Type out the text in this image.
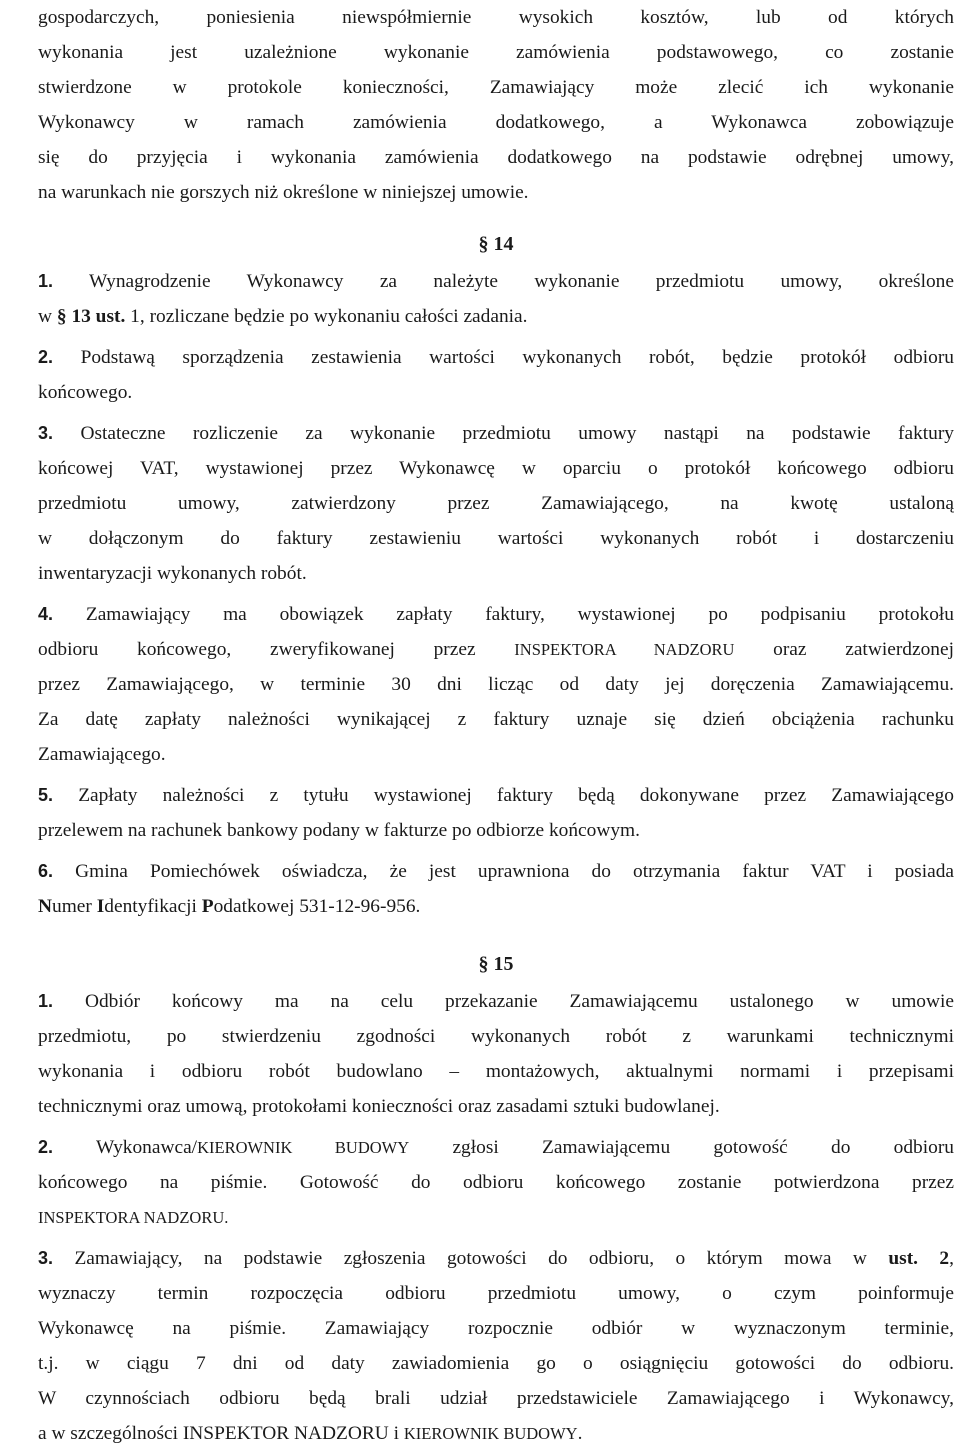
gospodarczych, poniesienia niewspółmiernie wysokich kosztów, lub od których
wykonania jest uzależnione wykonanie zamówienia podstawowego, co zostanie
stwierdzone w protokole konieczności, Zamawiający może zlecić ich wykonanie
Wykonawcy w ramach zamówienia dodatkowego, a Wykonawca zobowiązuje
się do przyjęcia i wykonania zamówienia dodatkowego na podstawie odrębnej umowy,
na warunkach nie gorszych niż określone w niniejszej umowie.
§ 14
1. Wynagrodzenie Wykonawcy za należyte wykonanie przedmiotu umowy, określone
w § 13 ust. 1, rozliczane będzie po wykonaniu całości zadania.
2. Podstawą sporządzenia zestawienia wartości wykonanych robót, będzie protokół odbioru
końcowego.
3. Ostateczne rozliczenie za wykonanie przedmiotu umowy nastąpi na podstawie faktury
końcowej VAT, wystawionej przez Wykonawcę w oparciu o protokół końcowego odbioru
przedmiotu umowy, zatwierdzony przez Zamawiającego, na kwotę ustaloną
w dołączonym do faktury zestawieniu wartości wykonanych robót i dostarczeniu
inwentaryzacji wykonanych robót.
4. Zamawiający ma obowiązek zapłaty faktury, wystawionej po podpisaniu protokołu
odbioru końcowego, zweryfikowanej przez INSPEKTORA NADZORU oraz zatwierdzonej
przez Zamawiającego, w terminie 30 dni licząc od daty jej doręczenia Zamawiającemu.
Za datę zapłaty należności wynikającej z faktury uznaje się dzień obciążenia rachunku
Zamawiającego.
5. Zapłaty należności z tytułu wystawionej faktury będą dokonywane przez Zamawiającego
przelewem na rachunek bankowy podany w fakturze po odbiorze końcowym.
6. Gmina Pomiechówek oświadcza, że jest uprawniona do otrzymania faktur VAT i posiada
Numer Identyfikacji Podatkowej 531-12-96-956.
§ 15
1. Odbiór końcowy ma na celu przekazanie Zamawiającemu ustalonego w umowie
przedmiotu, po stwierdzeniu zgodności wykonanych robót z warunkami technicznymi
wykonania i odbioru robót budowlano – montażowych, aktualnymi normami i przepisami
technicznymi oraz umową, protokołami konieczności oraz zasadami sztuki budowlanej.
2. Wykonawca/KIEROWNIK BUDOWY zgłosi Zamawiającemu gotowość do odbioru
końcowego na piśmie. Gotowość do odbioru końcowego zostanie potwierdzona przez
INSPEKTORA NADZORU.
3. Zamawiający, na podstawie zgłoszenia gotowości do odbioru, o którym mowa w ust. 2,
wyznaczy termin rozpoczęcia odbioru przedmiotu umowy, o czym poinformuje
Wykonawcę na piśmie. Zamawiający rozpocznie odbiór w wyznaczonym terminie,
t.j. w ciągu 7 dni od daty zawiadomienia go o osiągnięciu gotowości do odbioru.
W czynnościach odbioru będą brali udział przedstawiciele Zamawiającego i Wykonawcy,
a w szczególności INSPEKTOR NADZORU i KIEROWNIK BUDOWY.
